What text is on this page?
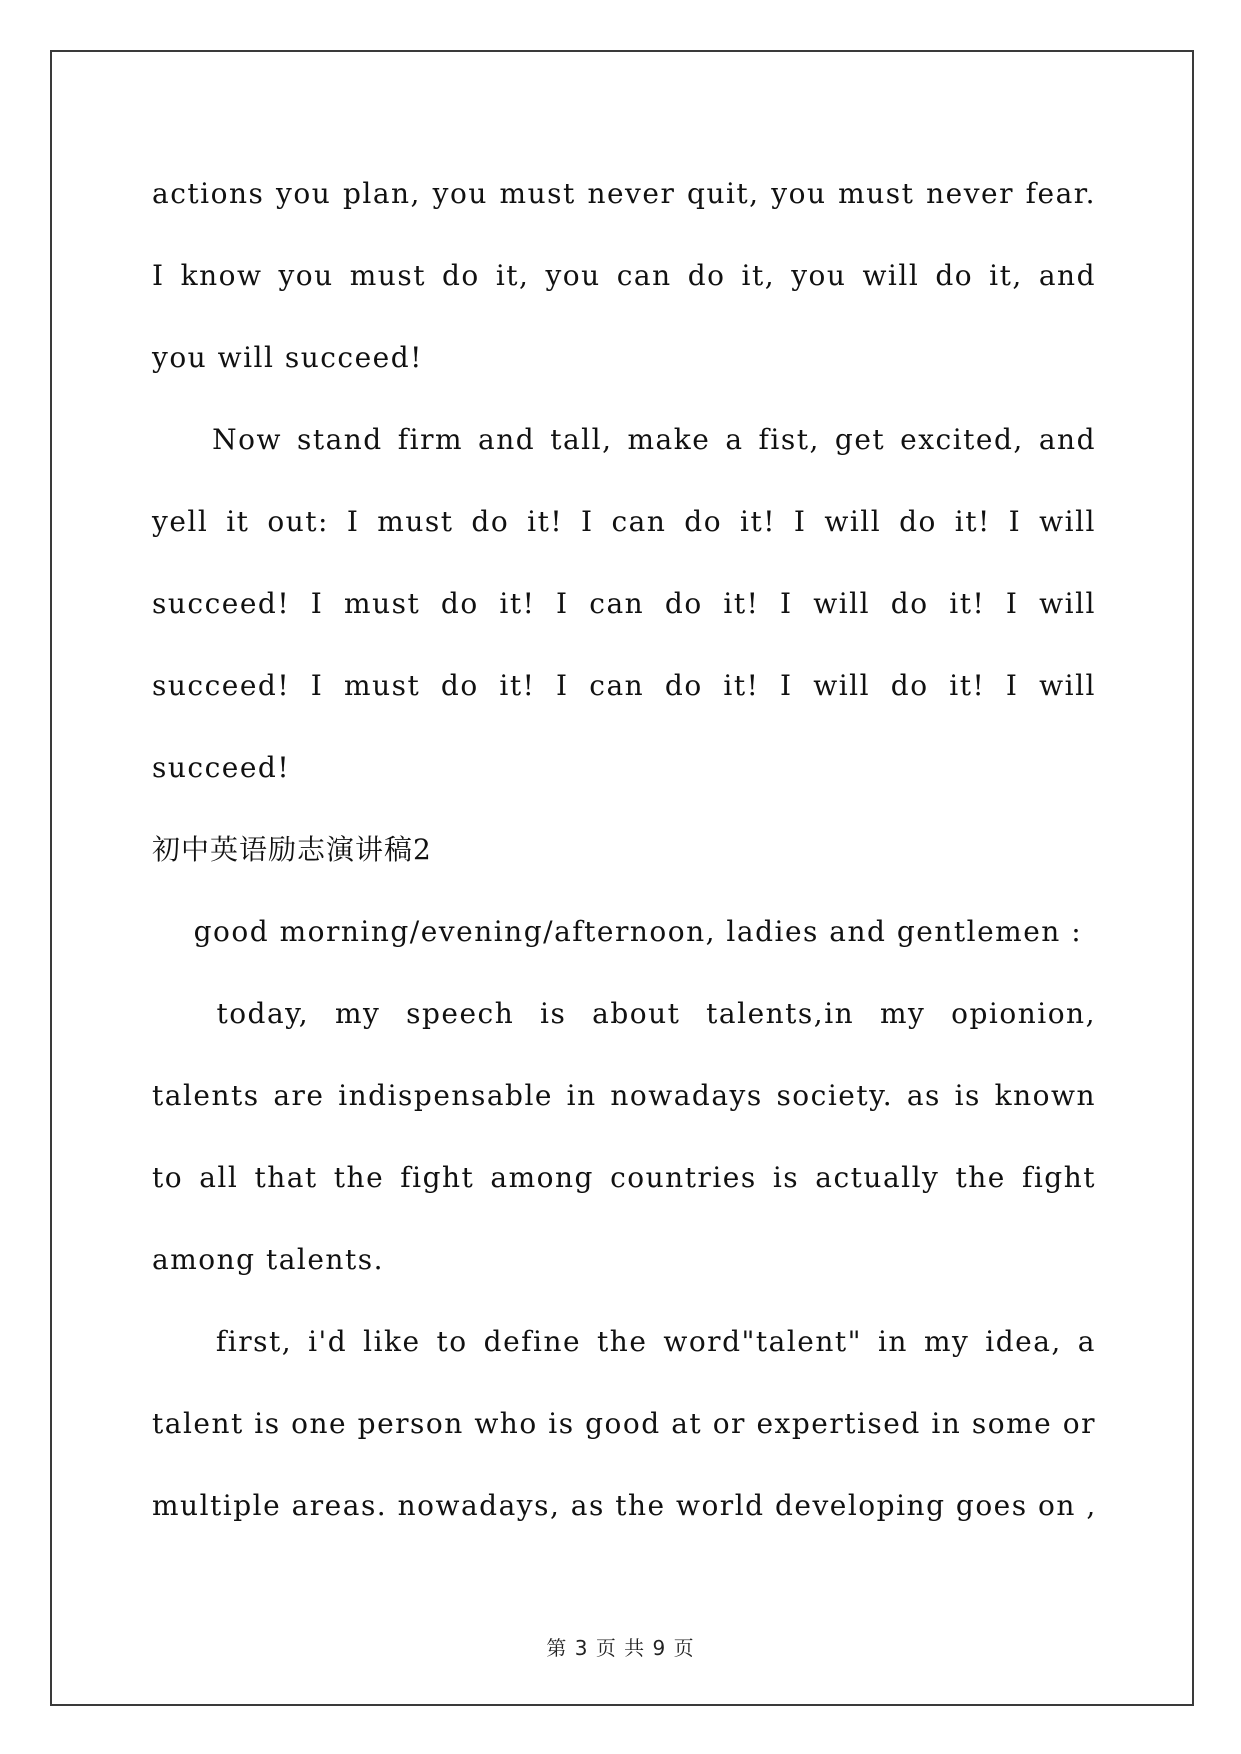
actions you plan, you must never quit, you must never fear.
I know you must do it, you can do it, you will do it, and
you will succeed!
Now stand firm and tall, make a fist, get excited, and
yell it out: I must do it! I can do it! I will do it! I will
succeed! I must do it! I can do it! I will do it! I will
succeed! I must do it! I can do it! I will do it! I will
succeed!
初中英语励志演讲稿2
good morning/evening/afternoon, ladies and gentlemen :
today,  my  speech  is  about  talents,in  my  opionion,
talents are indispensable in nowadays society. as is known
to all that the fight among countries is actually the fight
among talents.
first, i'd like to define the word"talent" in my idea, a
talent is one person who is good at or expertised in some or
multiple areas. nowadays, as the world developing goes on ,
第 3 页 共 9 页
